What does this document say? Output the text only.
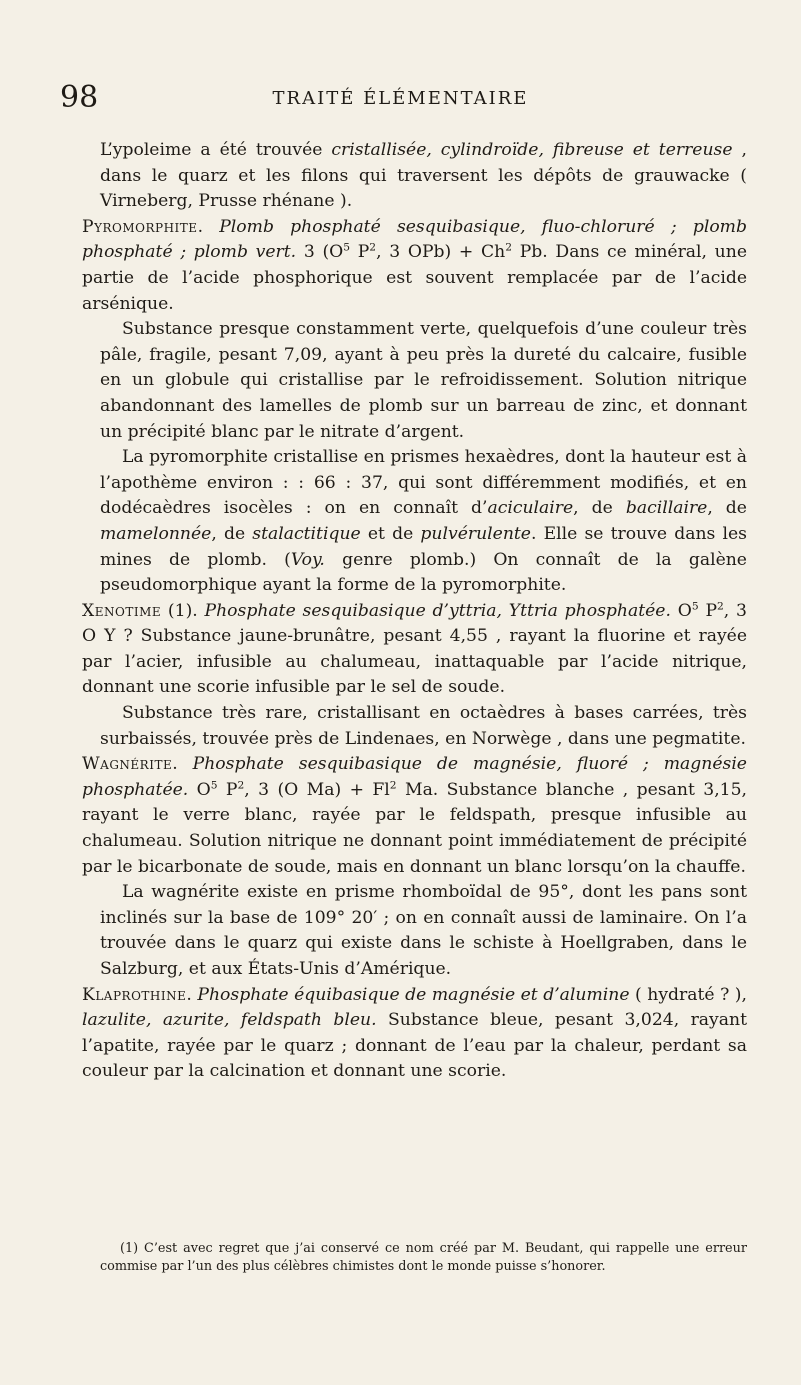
98	TRAITÉ ÉLÉMENTAIRE

L’ypoleime a été trouvée cristallisée, cylindroïde, fibreuse et terreuse , dans le quarz et les filons qui traversent les dépôts de grauwacke ( Virneberg, Prusse rhénane ).

Pyromorphite. Plomb phosphaté sesquibasique, fluo-chloruré ; plomb phosphaté ; plomb vert. 3 ($O^5$ $P^2$, 3 $OPb) + Ch^2$ Pb. Dans ce minéral, une partie de l’acide phosphorique est souvent remplacée par de l’acide arsénique.

Substance presque constamment verte, quelquefois d’une couleur très pâle, fragile, pesant 7,09, ayant à peu près la dureté du calcaire, fusible en un globule qui cristallise par le refroidissement. Solution nitrique abandonnant des lamelles de plomb sur un barreau de zinc, et donnant un précipité blanc par le nitrate d’argent.

La pyromorphite cristallise en prismes hexaèdres, dont la hauteur est à l’apothème environ : : 66 : 37, qui sont différemment modifiés, et en dodécaèdres isocèles : on en connaît d’aciculaire, de bacillaire, de mamelonnée, de stalactitique et de pulvérulente. Elle se trouve dans les mines de plomb. (Voy. genre plomb.) On connaît de la galène pseudomorphique ayant la forme de la pyromorphite.

Xenotime (1). Phosphate sesquibasique d’yttria, Yttria phosphatée. $O^5$ $P^2$, 3 O Y ? Substance jaune-brunâtre, pesant 4,55 , rayant la fluorine et rayée par l’acier, infusible au chalumeau, inattaquable par l’acide nitrique, donnant une scorie infusible par le sel de soude.

Substance très rare, cristallisant en octaèdres à bases carrées, très surbaissés, trouvée près de Lindenaes, en Norwège , dans une pegmatite.

Wagnérite. Phosphate sesquibasique de magnésie, fluoré ; magnésie phosphatée. $O^5$ $P^2$, 3 (O $Ma) + Fl^2$ Ma. Substance blanche , pesant 3,15, rayant le verre blanc, rayée par le feldspath, presque infusible au chalumeau. Solution nitrique ne donnant point immédiatement de précipité par le bicarbonate de soude, mais en donnant un blanc lorsqu’on la chauffe.

La wagnérite existe en prisme rhomboïdal de 95°, dont les pans sont inclinés sur la base de 109° 20′ ; on en connaît aussi de laminaire. On l’a trouvée dans le quarz qui existe dans le schiste à Hoellgraben, dans le Salzburg, et aux États-Unis d’Amérique.

Klaprothine. Phosphate équibasique de magnésie et d’alumine ( hydraté ? ), lazulite, azurite, feldspath bleu. Substance bleue, pesant 3,024, rayant l’apatite, rayée par le quarz ; donnant de l’eau par la chaleur, perdant sa couleur par la calcination et donnant une scorie.

(1) C’est avec regret que j’ai conservé ce nom créé par M. Beudant, qui rappelle une erreur commise par l’un des plus célèbres chimistes dont le monde puisse s’honorer.
